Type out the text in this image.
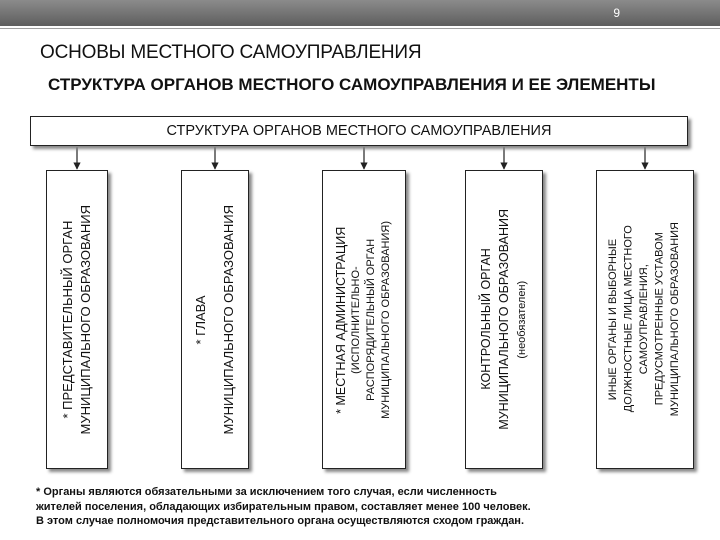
9
ОСНОВЫ МЕСТНОГО САМОУПРАВЛЕНИЯ
СТРУКТУРА ОРГАНОВ МЕСТНОГО САМОУПРАВЛЕНИЯ И ЕЕ ЭЛЕМЕНТЫ
СТРУКТУРА ОРГАНОВ МЕСТНОГО САМОУПРАВЛЕНИЯ
* ПРЕДСТАВИТЕЛЬНЫЙ ОРГАН МУНИЦИПАЛЬНОГО ОБРАЗОВАНИЯ	* ГЛАВА	МУНИЦИПАЛЬНОГО ОБРАЗОВАНИЯ	* МЕСТНАЯ АДМИНИСТРАЦИЯ (ИСПОЛНИТЕЛЬНО- РАСПОРЯДИТЕЛЬНЫЙ ОРГАН МУНИЦИПАЛЬНОГО ОБРАЗОВАНИЯ)	КОНТРОЛЬНЫЙ ОРГАН МУНИЦИПАЛЬНОГО ОБРАЗОВАНИЯ (необязателен)	ИНЫЕ ОРГАНЫ И ВЫБОРНЫЕ ДОЛЖНОСТНЫЕ ЛИЦА МЕСТНОГО САМОУПРАВЛЕНИЯ, ПРЕДУСМОТРЕННЫЕ УСТАВОМ МУНИЦИПАЛЬНОГО ОБРАЗОВАНИЯ
* Органы являются обязательными за исключением того случая, если численность
жителей поселения, обладающих избирательным правом, составляет менее 100 человек.
В этом случае полномочия представительного органа осуществляются сходом граждан.
